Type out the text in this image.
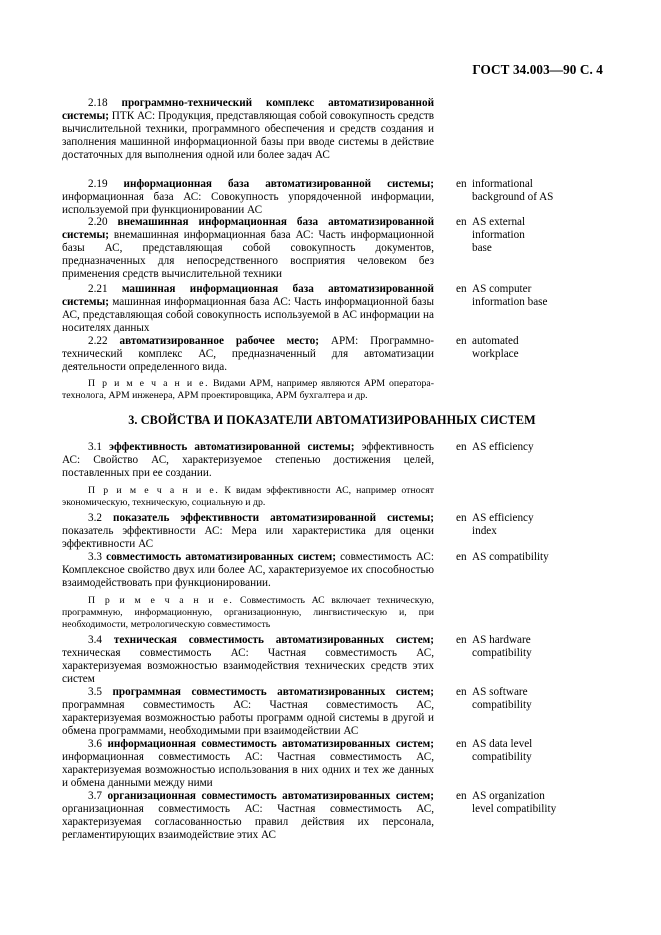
ГОСТ 34.003—90 С. 4
2.18 программно-технический комплекс автоматизированной системы; ПТК АС: Продукция, представляющая собой совокупность средств вычислительной техники, программного обеспечения и средств создания и заполнения машинной информационной базы при вводе системы в действие достаточных для выполнения одной или более задач АС
2.19 информационная база автоматизированной системы; информационная база АС: Совокупность упорядоченной информации, используемой при функционировании АС
en informational
background of AS
2.20 внемашинная информационная база автоматизированной системы; внемашинная информационная база АС: Часть информационной базы АС, представляющая собой совокупность документов, предназначенных для непосредственного восприятия человеком без применения средств вычислительной техники
en AS external
information
base
2.21 машинная информационная база автоматизированной системы; машинная информационная база АС: Часть информационной базы АС, представляющая собой совокупность используемой в АС информации на носителях данных
en AS computer
information base
2.22 автоматизированное рабочее место; АРМ: Программно-технический комплекс АС, предназначенный для автоматизации деятельности определенного вида.
en automated
workplace
П р и м е ч а н и е. Видами АРМ, например являются АРМ оператора-технолога, АРМ инженера, АРМ проектировщика, АРМ бухгалтера и др.
3. СВОЙСТВА И ПОКАЗАТЕЛИ АВТОМАТИЗИРОВАННЫХ СИСТЕМ
3.1 эффективность автоматизированной системы; эффективность АС: Свойство АС, характеризуемое степенью достижения целей, поставленных при ее создании.
en AS efficiency
П р и м е ч а н и е. К видам эффективности АС, например относят экономическую, техническую, социальную и др.
3.2 показатель эффективности автоматизированной системы; показатель эффективности АС: Мера или характеристика для оценки эффективности АС
en AS efficiency
index
3.3 совместимость автоматизированных систем; совместимость АС: Комплексное свойство двух или более АС, характеризуемое их способностью взаимодействовать при функционировании.
en AS compatibility
П р и м е ч а н и е. Совместимость АС включает техническую, программную, информационную, организационную, лингвистическую и, при необходимости, метрологическую совместимость
3.4 техническая совместимость автоматизированных систем; техническая совместимость АС: Частная совместимость АС, характеризуемая возможностью взаимодействия технических средств этих систем
en AS hardware
compatibility
3.5 программная совместимость автоматизированных систем; программная совместимость АС: Частная совместимость АС, характеризуемая возможностью работы программ одной системы в другой и обмена программами, необходимыми при взаимодействии АС
en AS software
compatibility
3.6 информационная совместимость автоматизированных систем; информационная совместимость АС: Частная совместимость АС, характеризуемая возможностью использования в них одних и тех же данных и обмена данными между ними
en AS data level
compatibility
3.7 организационная совместимость автоматизированных систем; организационная совместимость АС: Частная совместимость АС, характеризуемая согласованностью правил действия их персонала, регламентирующих взаимодействие этих АС
en AS organization
level compatibility
